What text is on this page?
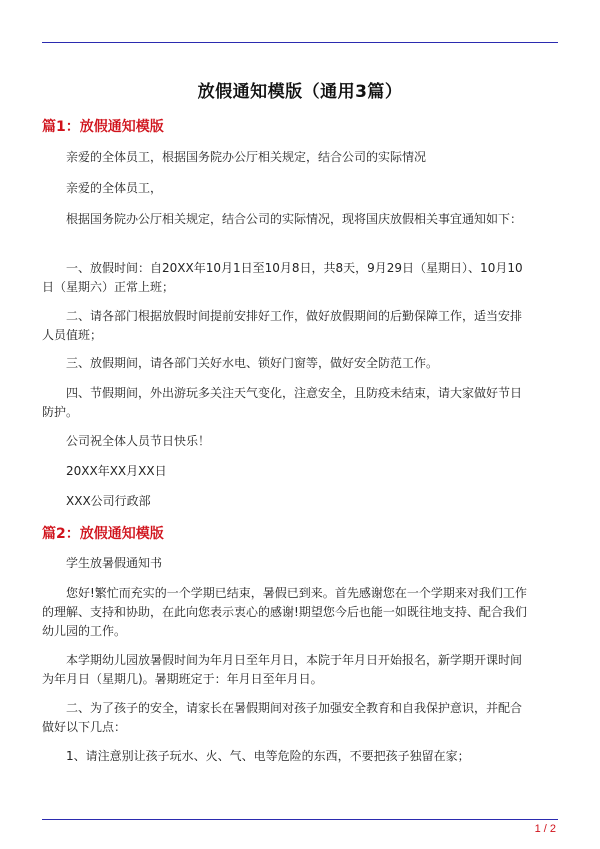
放假通知模版（通用3篇）
篇1：放假通知模版
亲爱的全体员工，根据国务院办公厅相关规定，结合公司的实际情况
亲爱的全体员工，
根据国务院办公厅相关规定，结合公司的实际情况，现将国庆放假相关事宜通知如下：
一、放假时间：自20XX年10月1日至10月8日，共8天，9月29日（星期日）、10月10日（星期六）正常上班；
二、请各部门根据放假时间提前安排好工作，做好放假期间的后勤保障工作，适当安排人员值班；
三、放假期间，请各部门关好水电、锁好门窗等，做好安全防范工作。
四、节假期间，外出游玩多关注天气变化，注意安全，且防疫未结束，请大家做好节日防护。
公司祝全体人员节日快乐！
20XX年XX月XX日
XXX公司行政部
篇2：放假通知模版
学生放暑假通知书
您好!繁忙而充实的一个学期已结束，暑假已到来。首先感谢您在一个学期来对我们工作的理解、支持和协助，在此向您表示衷心的感谢!期望您今后也能一如既往地支持、配合我们幼儿园的工作。
本学期幼儿园放暑假时间为年月日至年月日，本院于年月日开始报名，新学期开课时间为年月日（星期几)。暑期班定于：年月日至年月日。
二、为了孩子的安全，请家长在暑假期间对孩子加强安全教育和自我保护意识，并配合做好以下几点：
1、请注意别让孩子玩水、火、气、电等危险的东西，不要把孩子独留在家；
1 / 2
